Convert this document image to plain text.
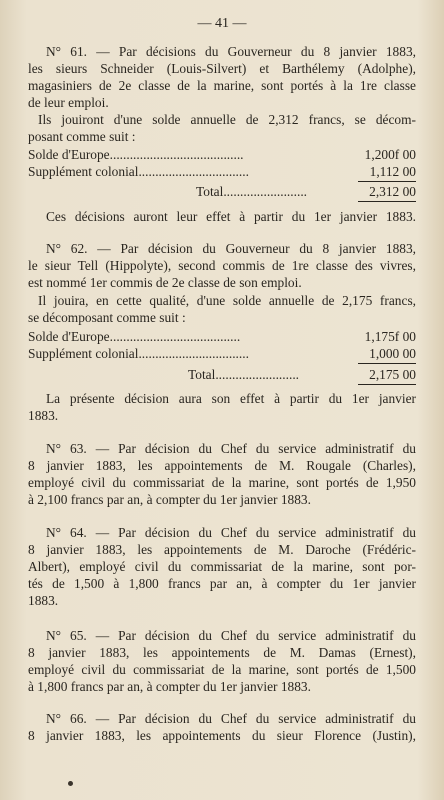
— 41 —
N° 61. — Par décisions du Gouverneur du 8 janvier 1883,
les sieurs Schneider (Louis-Silvert) et Barthélemy (Adolphe),
magasiniers de 2e classe de la marine, sont portés à la 1re classe
de leur emploi.
Ils jouiront d'une solde annuelle de 2,312 francs, se décom-
posant comme suit :
Solde d'Europe........................................	1,200f 00
Supplément colonial.................................	1,112 00
Total.........................	2,312 00
Ces décisions auront leur effet à partir du 1er janvier 1883.
N° 62. — Par décision du Gouverneur du 8 janvier 1883,
le sieur Tell (Hippolyte), second commis de 1re classe des vivres,
est nommé 1er commis de 2e classe de son emploi.
Il jouira, en cette qualité, d'une solde annuelle de 2,175 francs,
se décomposant comme suit :
Solde d'Europe.......................................	1,175f 00
Supplément colonial.................................	1,000 00
Total.........................	2,175 00
La présente décision aura son effet à partir du 1er janvier
1883.
N° 63. — Par décision du Chef du service administratif du
8 janvier 1883, les appointements de M. Rougale (Charles),
employé civil du commissariat de la marine, sont portés de 1,950
à 2,100 francs par an, à compter du 1er janvier 1883.
N° 64. — Par décision du Chef du service administratif du
8 janvier 1883, les appointements de M. Daroche (Frédéric-
Albert), employé civil du commissariat de la marine, sont por-
tés de 1,500 à 1,800 francs par an, à compter du 1er janvier
1883.
N° 65. — Par décision du Chef du service administratif du
8 janvier 1883, les appointements de M. Damas (Ernest),
employé civil du commissariat de la marine, sont portés de 1,500
à 1,800 francs par an, à compter du 1er janvier 1883.
N° 66. — Par décision du Chef du service administratif du
8 janvier 1883, les appointements du sieur Florence (Justin),
